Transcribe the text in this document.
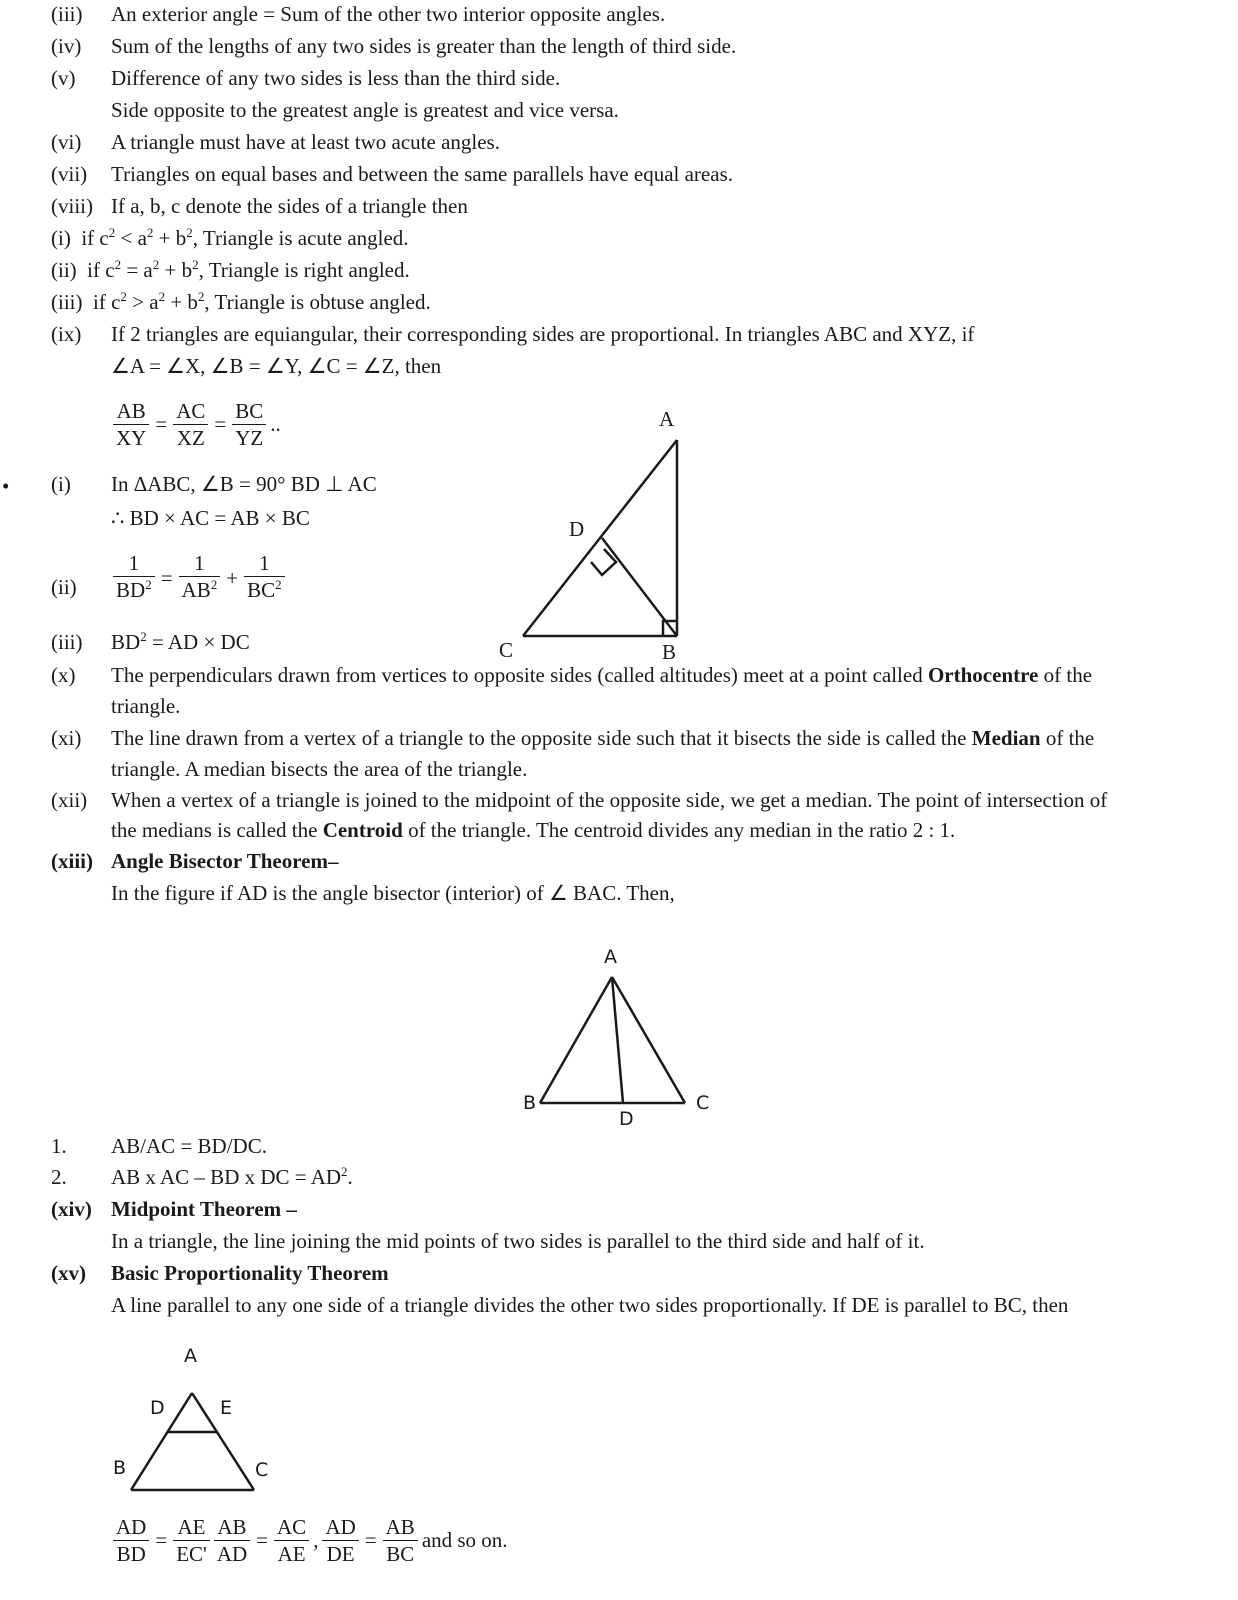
(iii) An exterior angle = Sum of the other two interior opposite angles.
(iv) Sum of the lengths of any two sides is greater than the length of third side.
(v) Difference of any two sides is less than the third side.
Side opposite to the greatest angle is greatest and vice versa.
(vi) A triangle must have at least two acute angles.
(vii) Triangles on equal bases and between the same parallels have equal areas.
(viii) If a, b, c denote the sides of a triangle then
(i) if $c^2 < a^2 + b^2$, Triangle is acute angled.
(ii) if $c^2 = a^2 + b^2$, Triangle is right angled.
(iii) if $c^2 > a^2 + b^2$, Triangle is obtuse angled.
(ix) If 2 triangles are equiangular, their corresponding sides are proportional. In triangles ABC and XYZ, if
∠A = ∠X, ∠B = ∠Y, ∠C = ∠Z, then
$\frac{AB}{XY} = \frac{AC}{XZ} = \frac{BC}{YZ}$ ..
• (i) In ΔABC, ∠B = 90° BD ⊥ AC
∴ BD × AC = AB × BC
$(ii) \frac{1}{BD^2} = \frac{1}{AB^2} + \frac{1}{BC^2}$
(iii) $BD^2$ = AD × DC
A
B
C
D
(x) The perpendiculars drawn from vertices to opposite sides (called altitudes) meet at a point called Orthocentre of the
triangle.
(xi) The line drawn from a vertex of a triangle to the opposite side such that it bisects the side is called the Median of the
triangle. A median bisects the area of the triangle.
(xii) When a vertex of a triangle is joined to the midpoint of the opposite side, we get a median. The point of intersection of
the medians is called the Centroid of the triangle. The centroid divides any median in the ratio 2 : 1.
(xiii) Angle Bisector Theorem–
In the figure if AD is the angle bisector (interior) of ∠ BAC. Then,
A
B	C
D
1. AB/AC = BD/DC.
2. AB x AC – BD x DC = $AD^2$.
(xiv) Midpoint Theorem –
In a triangle, the line joining the mid points of two sides is parallel to the third side and half of it.
(xv) Basic Proportionality Theorem
A line parallel to any one side of a triangle divides the other two sides proportionally. If DE is parallel to BC, then
A
B	C
D	E
$\frac{AD}{BD} = \frac{AE}{EC'} \frac{AB}{AD} = \frac{AC}{AE}$ , $\frac{AD}{DE} = \frac{AB}{BC}$ and so on.
